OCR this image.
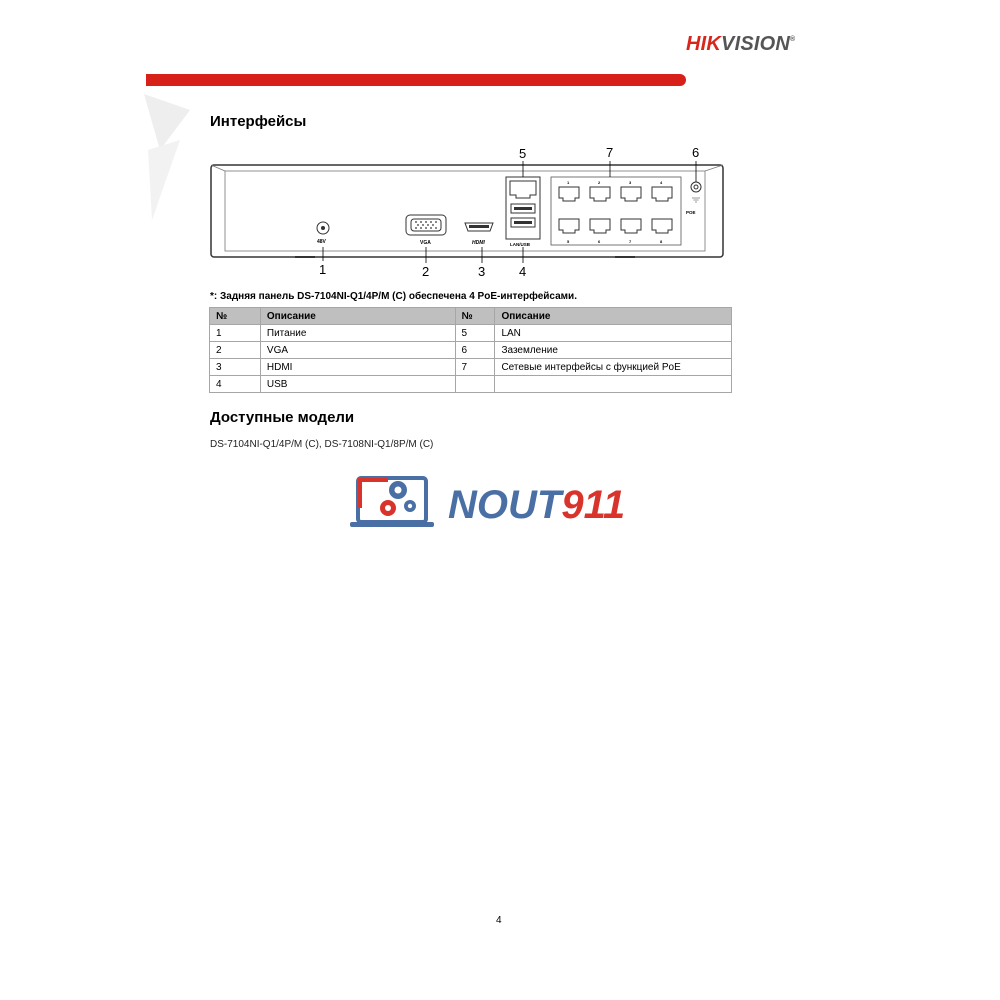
HIKVISION®
Интерфейсы
48V	VGA	HDMI	LAN/USB
1	2	3	4
5	6	7	8
POE
1	2	3	4
5	6
7
*: Задняя панель DS-7104NI-Q1/4P/M (C) обеспечена 4 PoE-интерфейсами.
№	Описание	№	Описание
1	Питание	5	LAN
2	VGA	6	Заземление
3	HDMI	7	Сетевые интерфейсы с функцией PoE
4	USB		
Доступные модели
DS-7104NI-Q1/4P/M (C), DS-7108NI-Q1/8P/M (C)
NOUT911
4
